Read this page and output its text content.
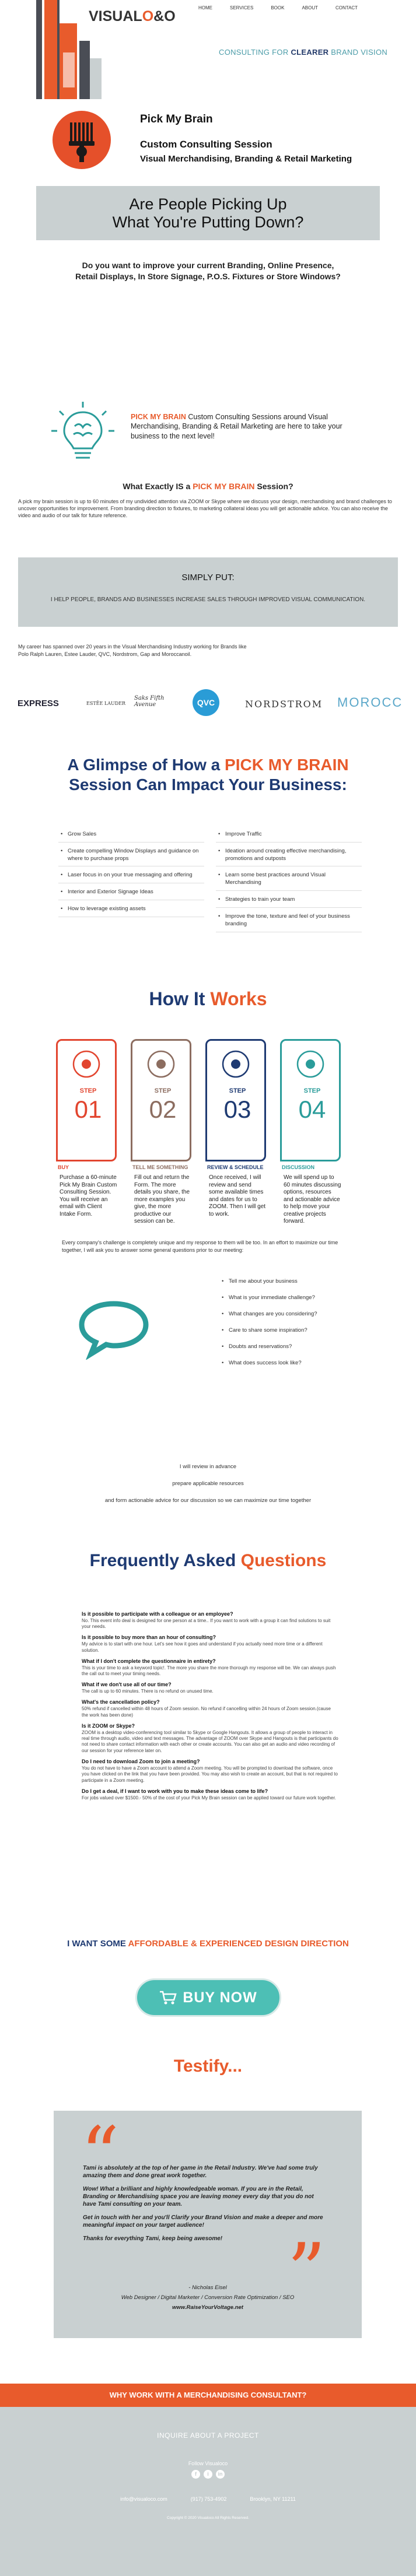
VISUALO&O
HOME	SERVICES	BOOK	ABOUT	CONTACT
CONSULTING FOR CLEARER BRAND VISION
Pick My Brain
Custom Consulting Session
Visual Merchandising, Branding & Retail Marketing
Are People Picking Up
What You're Putting Down?
Do you want to improve your current Branding, Online Presence,
Retail Displays, In Store Signage, P.O.S. Fixtures or Store Windows?
PICK MY BRAIN Custom Consulting Sessions around Visual Merchandising, Branding & Retail Marketing are here to take your business to the next level!
What Exactly IS a PICK MY BRAIN Session?
A pick my brain session is up to 60 minutes of my undivided attention via ZOOM or Skype where we discuss your design, merchandising and brand challenges to uncover opportunities for improvement. From branding direction to fixtures, to marketing collateral ideas you will get actionable advice. You can also receive the video and audio of our talk for future reference.
SIMPLY PUT:

I HELP PEOPLE, BRANDS AND BUSINESSES INCREASE SALES THROUGH IMPROVED VISUAL COMMUNICATION.

My career has spanned over 20 years in the Visual Merchandising Industry working for Brands like
Polo Ralph Lauren, Estee Lauder, QVC, Nordstrom, Gap and Moroccanoil.
EXPRESS	ESTĒE LAUDER
Saks Fifth Avenue	QVC	NORDSTROM MOROCC
A Glimpse of How a PICK MY BRAIN
Session Can Impact Your Business:
• Grow Sales
• Create compelling Window Displays and guidance on where to purchase props
• Laser focus in on your true messaging and offering
• Interior and Exterior Signage Ideas
• How to leverage existing assets
• Improve Traffic
• Ideation around creating effective merchandising, promotions and outposts
• Learn some best practices around Visual Merchandising
• Strategies to train your team
• Improve the tone, texture and feel of your business branding
How It Works
STEP
01
BUY
Purchase a 60-minute Pick My Brain Custom Consulting Session. You will receive an email with Client Intake Form.
STEP
02
TELL ME SOMETHING
Fill out and return the Form. The more details you share, the more examples you give, the more productive our session can be.
STEP
03
REVIEW & SCHEDULE
Once received, I will review and send some available times and dates for us to ZOOM. Then I will get to work.
STEP
04
DISCUSSION
We will spend up to 60 minutes discussing options, resources and actionable advice to help move your creative projects forward.
Every company's challenge is completely unique and my response to them will be too. In an effort to maximize our time together, I will ask you to answer some general questions prior to our meeting:
• Tell me about your business
• What is your immediate challenge?
• What changes are you considering?
• Care to share some inspiration?
• Doubts and reservations?
• What does success look like?
I will review in advance
prepare applicable resources
and form actionable advice for our discussion so we can maximize our time together
Frequently Asked Questions
Is it possible to participate with a colleague or an employee?
No. This event info deal is designed for one person at a time.. If you want to work with a group it can find solutions to suit your needs.
Is it possible to buy more than an hour of consulting?
My advice is to start with one hour. Let's see how it goes and understand if you actually need more time or a different solution.
What if I don't complete the questionnaire in entirety?
This is your time to ask a keyword topic!. The more you share the more thorough my response will be. We can always push the call out to meet your timing needs.
What if we don't use all of our time?
The call is up to 60 minutes. There is no refund on unused time.
What's the cancellation policy?
50% refund if cancelled within 48 hours of Zoom session. No refund if cancelling within 24 hours of Zoom session.(cause the work has been done)
Is it ZOOM or Skype?
ZOOM is a desktop video-conferencing tool similar to Skype or Google Hangouts. It allows a group of people to interact in real time through audio, video and text messages. The advantage of ZOOM over Skype and Hangouts is that participants do not need to share contact information with each other or create accounts. You can also get an audio and video recording of our session for your reference later on.
Do I need to download Zoom to join a meeting?
You do not have to have a Zoom account to attend a Zoom meeting. You will be prompted to download the software, once you have clicked on the link that you have been provided. You may also wish to create an account, but that is not required to participate in a Zoom meeting.
Do I get a deal, if I want to work with you to make these ideas come to life?
For jobs valued over $1500.- 50% of the cost of your Pick My Brain session can be applied toward our future work together.
I WANT SOME AFFORDABLE & EXPERIENCED DESIGN DIRECTION
BUY NOW
Testify...
“

Tami is absolutely at the top of her game in the Retail Industry. We've had some truly amazing them and done great work together.

Wow! What a brilliant and highly knowledgeable woman. If you are in the Retail, Branding or Merchandising space you are leaving money every day that you do not have Tami consulting on your team.

Get in touch with her and you'll Clarify your Brand Vision and make a deeper and more meaningful impact on your target audience!

Thanks for everything Tami, keep being awesome! ”
- Nicholas Eisel
Web Designer / Digital Marketer / Conversion Rate Optimization / SEO
www.RaiseYourVoltage.net
WHY WORK WITH A MERCHANDISING CONSULTANT?
INQUIRE ABOUT A PROJECT
Follow Visualoco
f	i	in
info@visualoco.com	(917) 753-4902	Brooklyn, NY 11211
Copyright © 2020 Visualoco All Rights Reserved.
